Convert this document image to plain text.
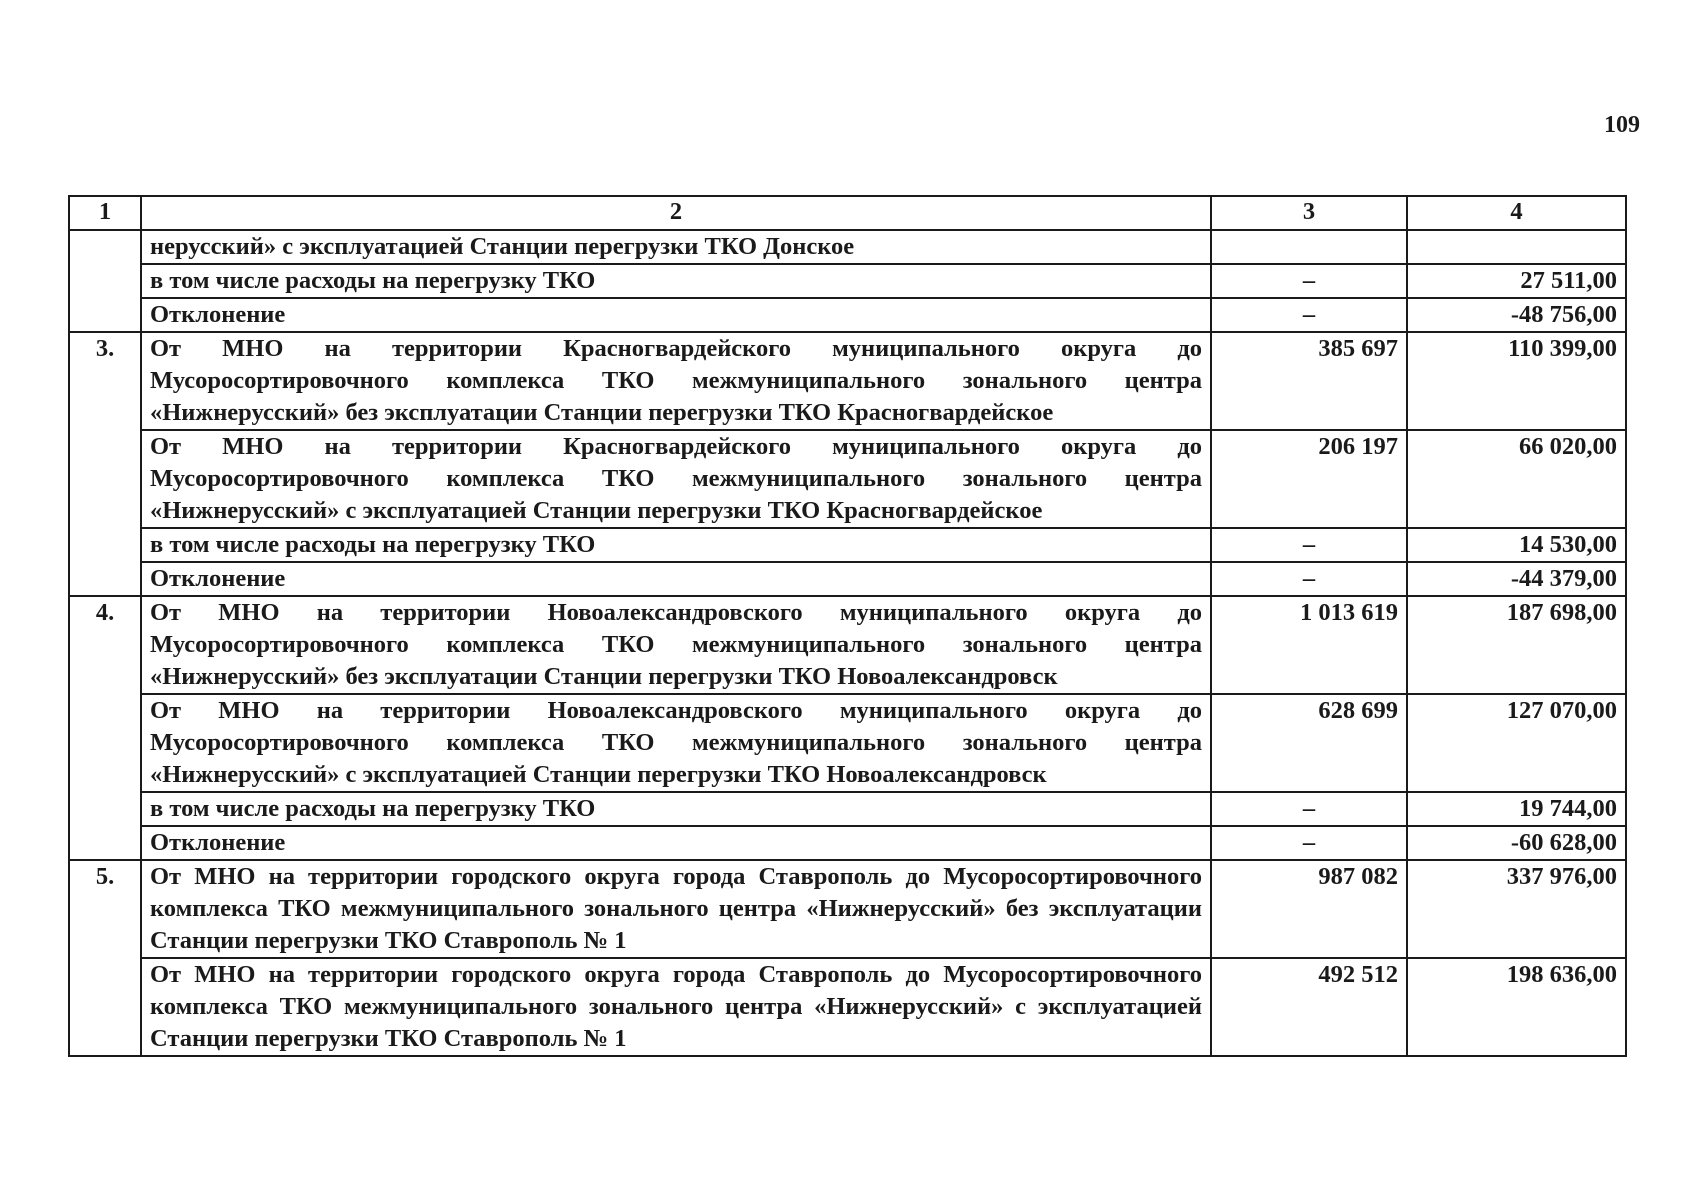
109
1	2	3	4
	нерусский» с эксплуатацией Станции перегрузки ТКО Донское		
	в том числе расходы на перегрузку ТКО	–	27 511,00
	Отклонение	–	-48 756,00
3.	От МНО на территории Красногвардейского муниципального округа до Мусоросортировочного комплекса ТКО межмуниципального зонального центра «Нижнерусский» без эксплуатации Станции перегрузки ТКО Красногвардейское	385 697	110 399,00
	От МНО на территории Красногвардейского муниципального округа до Мусоросортировочного комплекса ТКО межмуниципального зонального центра «Нижнерусский» с эксплуатацией Станции перегрузки ТКО Красногвардейское	206 197	66 020,00
	в том числе расходы на перегрузку ТКО	–	14 530,00
	Отклонение	–	-44 379,00
4.	От МНО на территории Новоалександровского муниципального округа до Мусоросортировочного комплекса ТКО межмуниципального зонального центра «Нижнерусский» без эксплуатации Станции перегрузки ТКО Новоалександровск	1 013 619	187 698,00
	От МНО на территории Новоалександровского муниципального округа до Мусоросортировочного комплекса ТКО межмуниципального зонального центра «Нижнерусский» с эксплуатацией Станции перегрузки ТКО Новоалександровск	628 699	127 070,00
	в том числе расходы на перегрузку ТКО	–	19 744,00
	Отклонение	–	-60 628,00
5.	От МНО на территории городского округа города Ставрополь до Мусоросортировочного комплекса ТКО межмуниципального зонального центра «Нижнерусский» без эксплуатации Станции перегрузки ТКО Ставрополь № 1	987 082	337 976,00
	От МНО на территории городского округа города Ставрополь до Мусоросортировочного комплекса ТКО межмуниципального зонального центра «Нижнерусский» с эксплуатацией Станции перегрузки ТКО Ставрополь № 1	492 512	198 636,00
